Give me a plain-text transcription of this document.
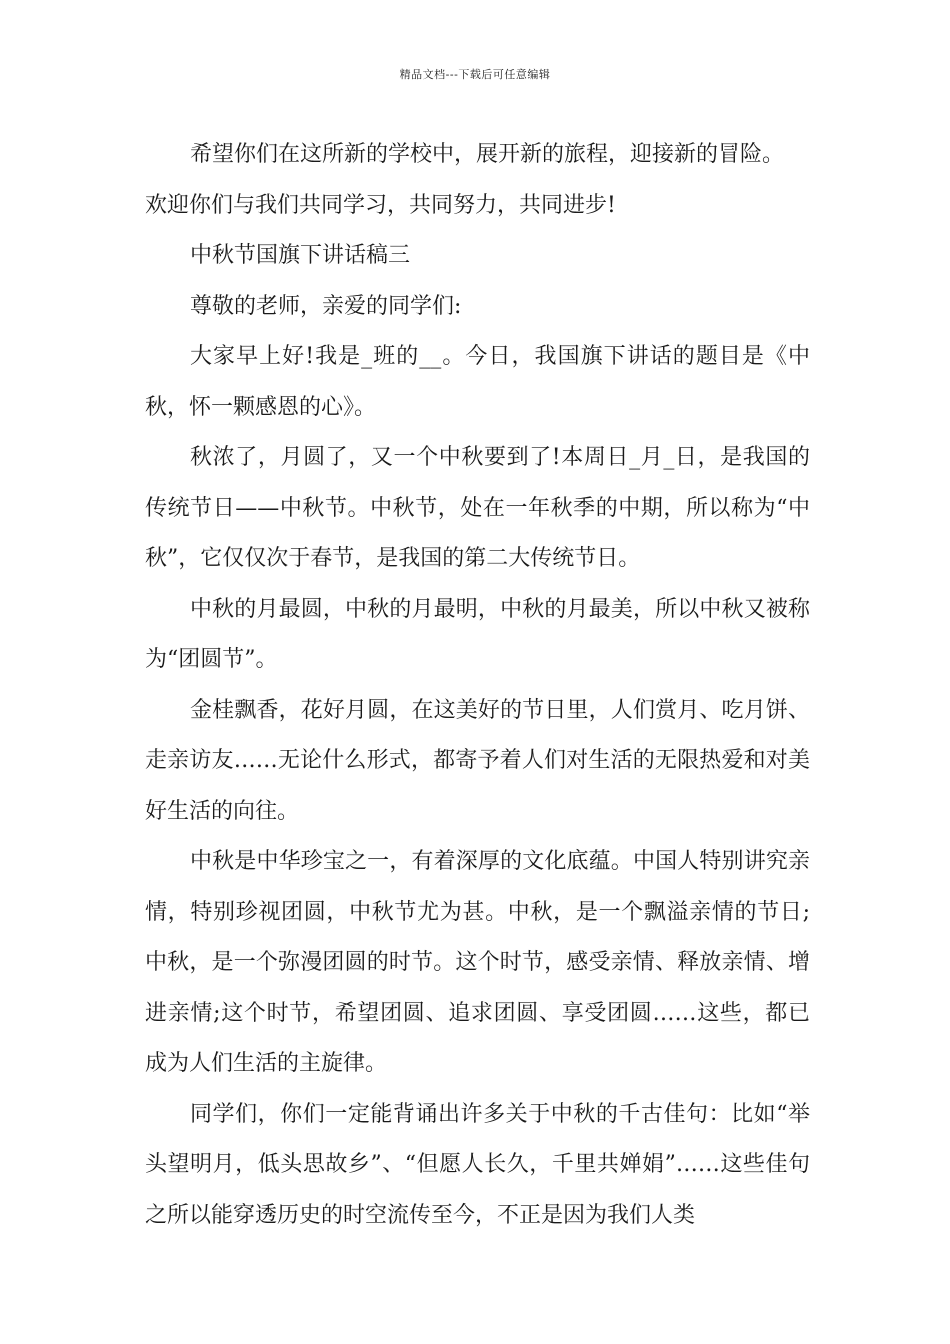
精品文档---下载后可任意编辑

希望你们在这所新的学校中，展开新的旅程，迎接新的冒险。

欢迎你们与我们共同学习，共同努力，共同进步!

中秋节国旗下讲话稿三

尊敬的老师，亲爱的同学们:

大家早上好!我是_班的__。今日，我国旗下讲话的题目是《中秋，怀一颗感恩的心》。

秋浓了，月圆了，又一个中秋要到了!本周日_月_日，是我国的传统节日——中秋节。中秋节，处在一年秋季的中期，所以称为“中秋”，它仅仅次于春节，是我国的第二大传统节日。

中秋的月最圆，中秋的月最明，中秋的月最美，所以中秋又被称为“团圆节”。

金桂飘香，花好月圆，在这美好的节日里，人们赏月、吃月饼、走亲访友……无论什么形式，都寄予着人们对生活的无限热爱和对美好生活的向往。

中秋是中华珍宝之一，有着深厚的文化底蕴。中国人特别讲究亲情，特别珍视团圆，中秋节尤为甚。中秋，是一个飘溢亲情的节日;中秋，是一个弥漫团圆的时节。这个时节，感受亲情、释放亲情、增进亲情;这个时节，希望团圆、追求团圆、享受团圆……这些，都已成为人们生活的主旋律。

同学们，你们一定能背诵出许多关于中秋的千古佳句：比如“举头望明月，低头思故乡”、“但愿人长久，千里共婵娟”……这些佳句之所以能穿透历史的时空流传至今，不正是因为我们人类
